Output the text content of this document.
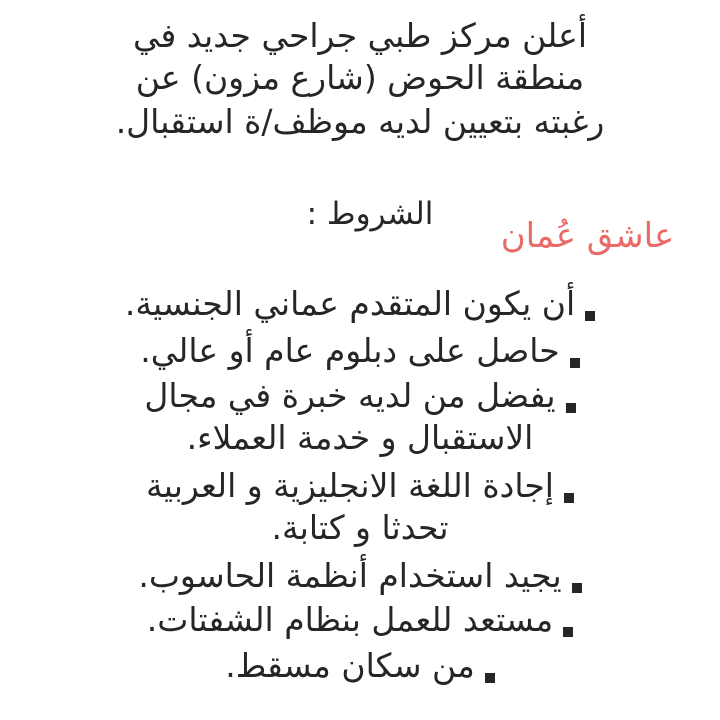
أعلن مركز طبي جراحي جديد في
منطقة الحوض (شارع مزون) عن
رغبته بتعيين لديه موظف/ة استقبال.
الشروط :
عاشق عُمان
أن يكون المتقدم عماني الجنسية.
حاصل على دبلوم عام أو عالي.
يفضل من لديه خبرة في مجال
الاستقبال و خدمة العملاء.
إجادة اللغة الانجليزية و العربية
تحدثا و كتابة.
يجيد استخدام أنظمة الحاسوب.
مستعد للعمل بنظام الشفتات.
من سكان مسقط.
